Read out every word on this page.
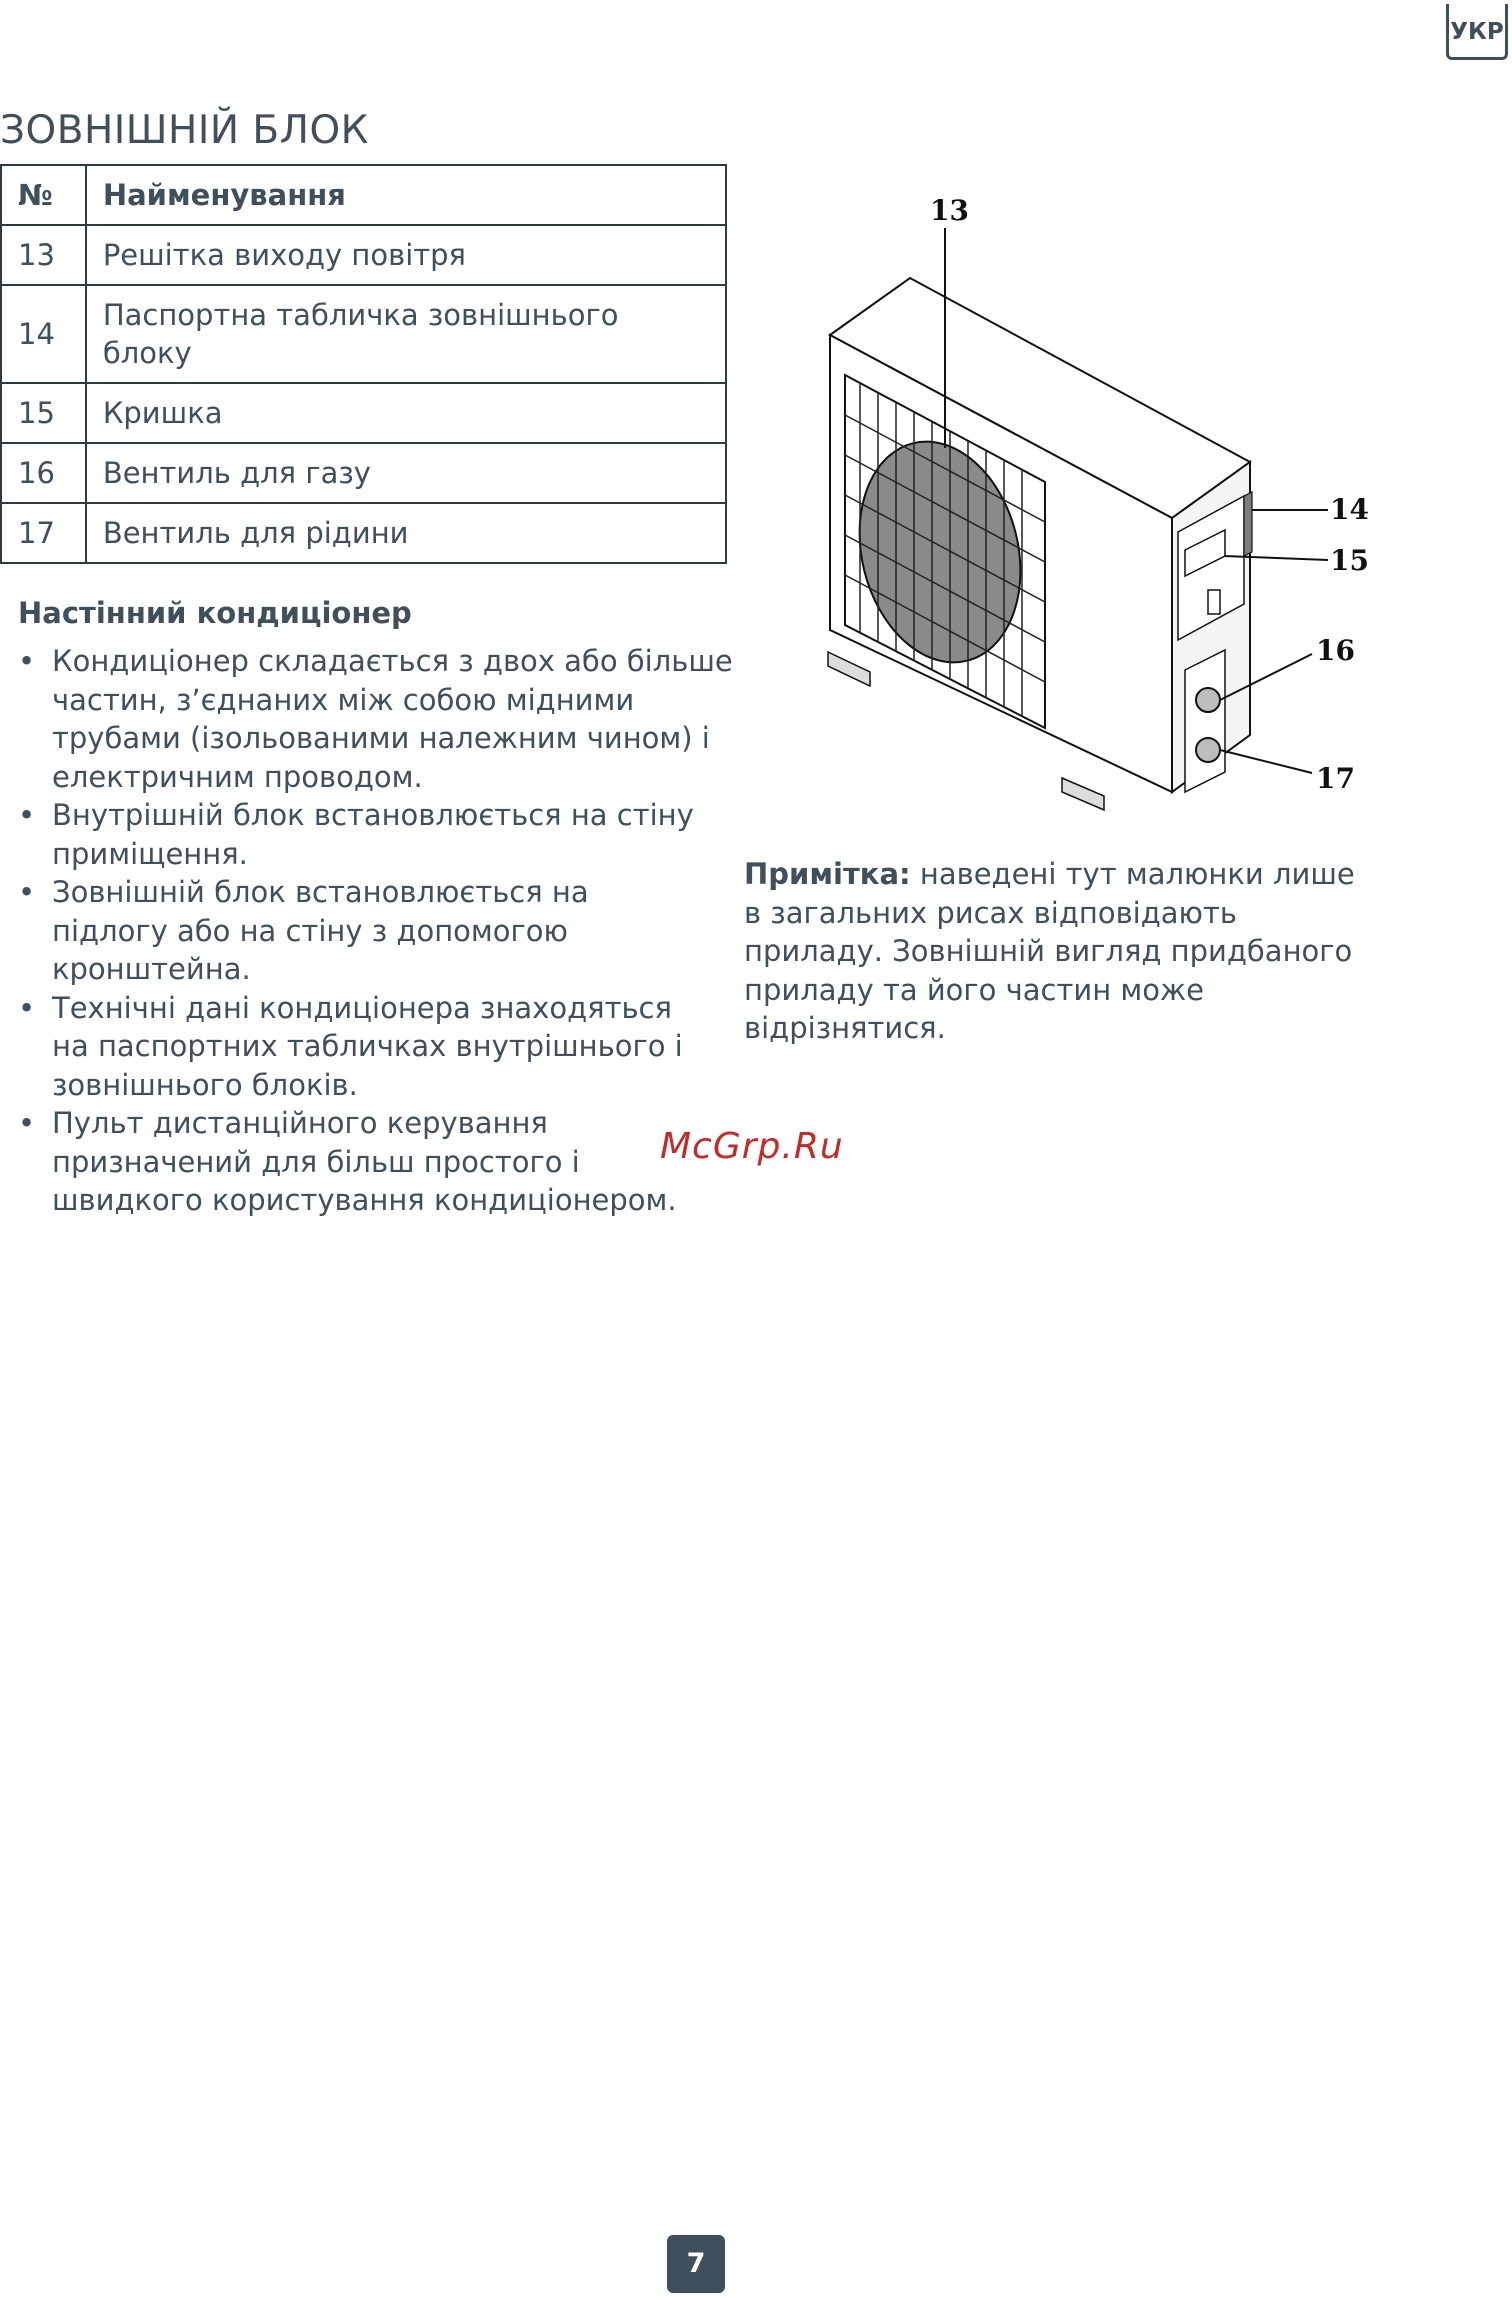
УКР
ЗОВНІШНІЙ БЛОК
№	Найменування
13	Решітка виходу повітря
14	Паспортна табличка зовнішнього блоку
15	Кришка
16	Вентиль для газу
17	Вентиль для рідини
Настінний кондиціонер
• Кондиціонер складається з двох або більше частин, з’єднаних між собою мідними трубами (ізольованими належним чином) і електричним проводом.
• Внутрішній блок встановлюється на стіну приміщення.
• Зовнішній блок встановлюється на підлогу або на стіну з допомогою кронштейна.
• Технічні дані кондиціонера знаходяться на паспортних табличках внутрішнього і зовнішнього блоків.
• Пульт дистанційного керування призначений для більш простого і швидкого користування кондиціонером.
13
14
15
16
17

Примітка: наведені тут малюнки лише в загальних рисах відповідають приладу. Зовнішній вигляд придбаного приладу та його частин може відрізнятися.

McGrp.Ru
7
